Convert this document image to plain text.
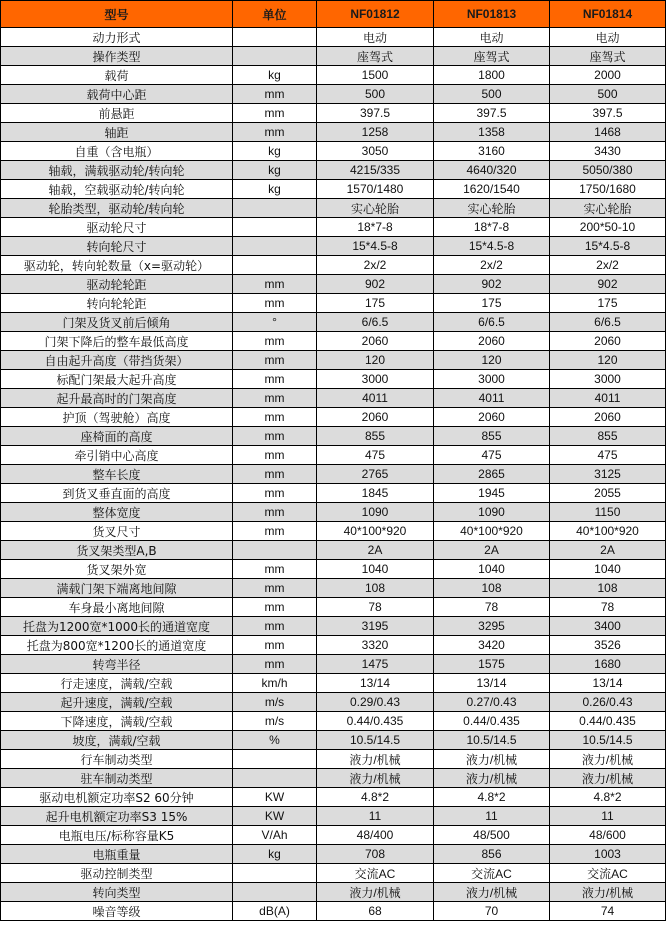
型号	单位	NF01812	NF01813	NF01814
动力形式		电动	电动	电动
操作类型		座驾式	座驾式	座驾式
载荷	kg	1500	1800	2000
载荷中心距	mm	500	500	500
前悬距	mm	397.5	397.5	397.5
轴距	mm	1258	1358	1468
自重（含电瓶）	kg	3050	3160	3430
轴载，满载驱动轮/转向轮	kg	4215/335	4640/320	5050/380
轴载，空载驱动轮/转向轮	kg	1570/1480	1620/1540	1750/1680
轮胎类型，驱动轮/转向轮		实心轮胎	实心轮胎	实心轮胎
驱动轮尺寸		18*7-8	18*7-8	200*50-10
转向轮尺寸		15*4.5-8	15*4.5-8	15*4.5-8
驱动轮，转向轮数量（x=驱动轮）		2x/2	2x/2	2x/2
驱动轮轮距	mm	902	902	902
转向轮轮距	mm	175	175	175
门架及货叉前后倾角	°	6/6.5	6/6.5	6/6.5
门架下降后的整车最低高度	mm	2060	2060	2060
自由起升高度（带挡货架）	mm	120	120	120
标配门架最大起升高度	mm	3000	3000	3000
起升最高时的门架高度	mm	4011	4011	4011
护顶（驾驶舱）高度	mm	2060	2060	2060
座椅面的高度	mm	855	855	855
牵引销中心高度	mm	475	475	475
整车长度	mm	2765	2865	3125
到货叉垂直面的高度	mm	1845	1945	2055
整体宽度	mm	1090	1090	1150
货叉尺寸	mm	40*100*920	40*100*920	40*100*920
货叉架类型A,B		2A	2A	2A
货叉架外宽	mm	1040	1040	1040
满载门架下端离地间隙	mm	108	108	108
车身最小离地间隙	mm	78	78	78
托盘为1200宽*1000长的通道宽度	mm	3195	3295	3400
托盘为800宽*1200长的通道宽度	mm	3320	3420	3526
转弯半径	mm	1475	1575	1680
行走速度，满载/空载	km/h	13/14	13/14	13/14
起升速度，满载/空载	m/s	0.29/0.43	0.27/0.43	0.26/0.43
下降速度，满载/空载	m/s	0.44/0.435	0.44/0.435	0.44/0.435
坡度，满载/空载	%	10.5/14.5	10.5/14.5	10.5/14.5
行车制动类型		液力/机械	液力/机械	液力/机械
驻车制动类型		液力/机械	液力/机械	液力/机械
驱动电机额定功率S2 60分钟	KW	4.8*2	4.8*2	4.8*2
起升电机额定功率S3 15%	KW	11	11	11
电瓶电压/标称容量K5	V/Ah	48/400	48/500	48/600
电瓶重量	kg	708	856	1003
驱动控制类型		交流AC	交流AC	交流AC
转向类型		液力/机械	液力/机械	液力/机械
噪音等级	dB(A)	68	70	74
